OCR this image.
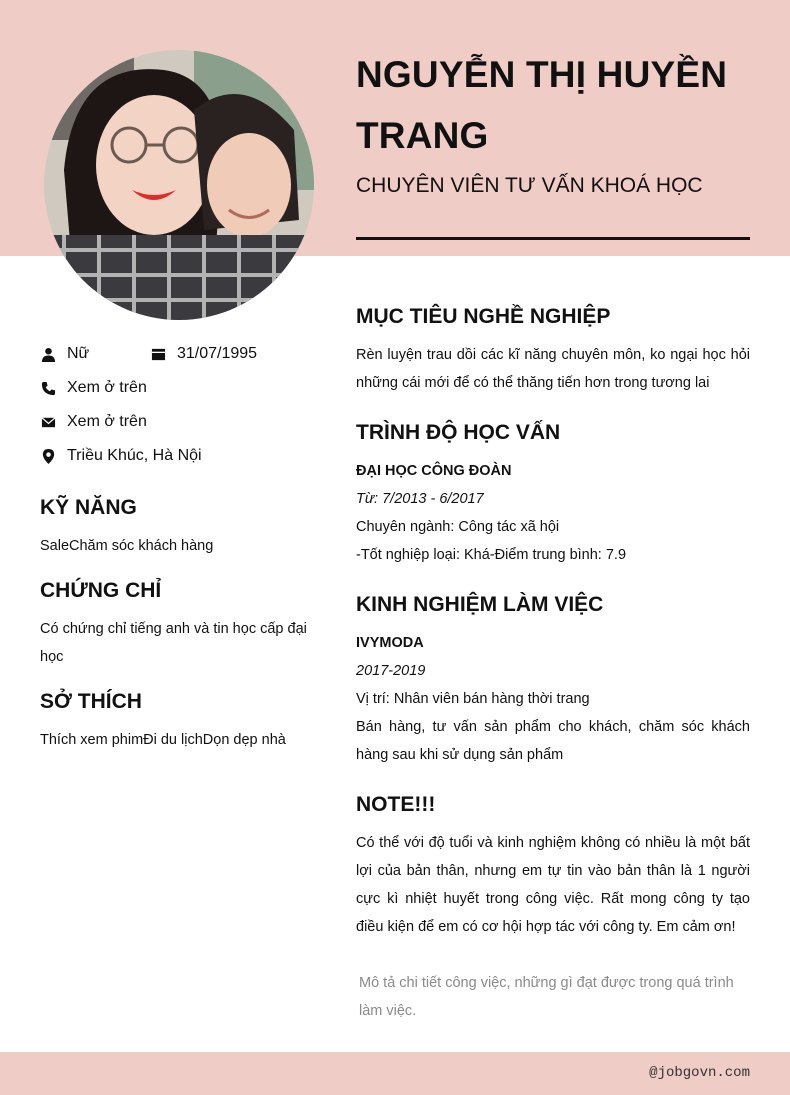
NGUYỄN THỊ HUYỀN TRANG
CHUYÊN VIÊN TƯ VẤN KHOÁ HỌC
Nữ	31/07/1995
Xem ở trên
Xem ở trên
Triều Khúc, Hà Nội
KỸ NĂNG
SaleChăm sóc khách hàng
CHỨNG CHỈ
Có chứng chỉ tiếng anh và tin học cấp đại học
SỞ THÍCH
Thích xem phimĐi du lịchDọn dẹp nhà
MỤC TIÊU NGHỀ NGHIỆP
Rèn luyện trau dồi các kĩ năng chuyên môn, ko ngại học hỏi những cái mới để có thể thăng tiến hơn trong tương lai
TRÌNH ĐỘ HỌC VẤN
ĐẠI HỌC CÔNG ĐOÀN
Từ: 7/2013 - 6/2017
Chuyên ngành: Công tác xã hội
-Tốt nghiệp loại: Khá-Điểm trung bình: 7.9
KINH NGHIỆM LÀM VIỆC
IVYMODA
2017-2019
Vị trí: Nhân viên bán hàng thời trang
Bán hàng, tư vấn sản phẩm cho khách, chăm sóc khách hàng sau khi sử dụng sản phẩm
NOTE!!!
Có thể với độ tuổi và kinh nghiệm không có nhiều là một bất lợi của bản thân, nhưng em tự tin vào bản thân là 1 người cực kì nhiệt huyết trong công việc. Rất mong công ty tạo điều kiện để em có cơ hội hợp tác với công ty. Em cảm ơn!
Mô tả chi tiết công việc, những gì đạt được trong quá trình làm việc.
@jobgovn.com
